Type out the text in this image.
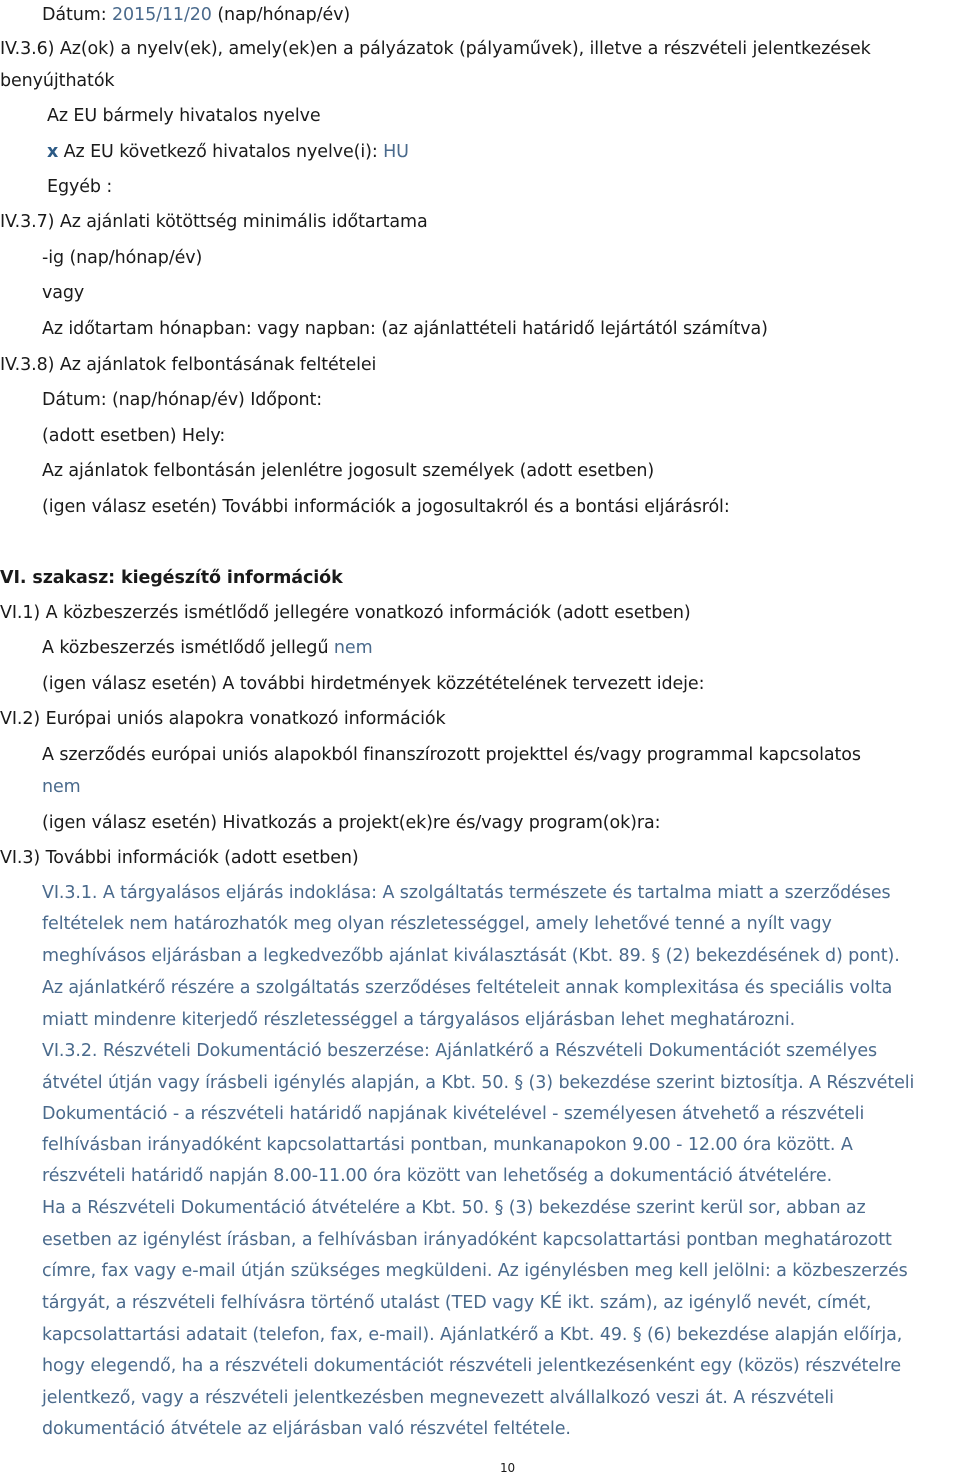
Dátum: 2015/11/20 (nap/hónap/év)
IV.3.6) Az(ok) a nyelv(ek), amely(ek)en a pályázatok (pályaművek), illetve a részvételi jelentkezések
benyújthatók
Az EU bármely hivatalos nyelve
x Az EU következő hivatalos nyelve(i): HU
Egyéb :
IV.3.7) Az ajánlati kötöttség minimális időtartama
-ig (nap/hónap/év)
vagy
Az időtartam hónapban: vagy napban: (az ajánlattételi határidő lejártától számítva)
IV.3.8) Az ajánlatok felbontásának feltételei
Dátum: (nap/hónap/év) Időpont:
(adott esetben) Hely:
Az ajánlatok felbontásán jelenlétre jogosult személyek (adott esetben)
(igen válasz esetén) További információk a jogosultakról és a bontási eljárásról:
VI. szakasz: kiegészítő információk
VI.1) A közbeszerzés ismétlődő jellegére vonatkozó információk (adott esetben)
A közbeszerzés ismétlődő jellegű nem
(igen válasz esetén) A további hirdetmények közzétételének tervezett ideje:
VI.2) Európai uniós alapokra vonatkozó információk
A szerződés európai uniós alapokból finanszírozott projekttel és/vagy programmal kapcsolatos
nem
(igen válasz esetén) Hivatkozás a projekt(ek)re és/vagy program(ok)ra:
VI.3) További információk (adott esetben)
VI.3.1. A tárgyalásos eljárás indoklása: A szolgáltatás természete és tartalma miatt a szerződéses
feltételek nem határozhatók meg olyan részletességgel, amely lehetővé tenné a nyílt vagy
meghívásos eljárásban a legkedvezőbb ajánlat kiválasztását (Kbt. 89. § (2) bekezdésének d) pont).
Az ajánlatkérő részére a szolgáltatás szerződéses feltételeit annak komplexitása és speciális volta
miatt mindenre kiterjedő részletességgel a tárgyalásos eljárásban lehet meghatározni.
VI.3.2. Részvételi Dokumentáció beszerzése: Ajánlatkérő a Részvételi Dokumentációt személyes
átvétel útján vagy írásbeli igénylés alapján, a Kbt. 50. § (3) bekezdése szerint biztosítja. A Részvételi
Dokumentáció - a részvételi határidő napjának kivételével - személyesen átvehető a részvételi
felhívásban irányadóként kapcsolattartási pontban, munkanapokon 9.00 - 12.00 óra között. A
részvételi határidő napján 8.00-11.00 óra között van lehetőség a dokumentáció átvételére.
Ha a Részvételi Dokumentáció átvételére a Kbt. 50. § (3) bekezdése szerint kerül sor, abban az
esetben az igénylést írásban, a felhívásban irányadóként kapcsolattartási pontban meghatározott
címre, fax vagy e-mail útján szükséges megküldeni. Az igénylésben meg kell jelölni: a közbeszerzés
tárgyát, a részvételi felhívásra történő utalást (TED vagy KÉ ikt. szám), az igénylő nevét, címét,
kapcsolattartási adatait (telefon, fax, e-mail). Ajánlatkérő a Kbt. 49. § (6) bekezdése alapján előírja,
hogy elegendő, ha a részvételi dokumentációt részvételi jelentkezésenként egy (közös) részvételre
jelentkező, vagy a részvételi jelentkezésben megnevezett alvállalkozó veszi át. A részvételi
dokumentáció átvétele az eljárásban való részvétel feltétele.
10
